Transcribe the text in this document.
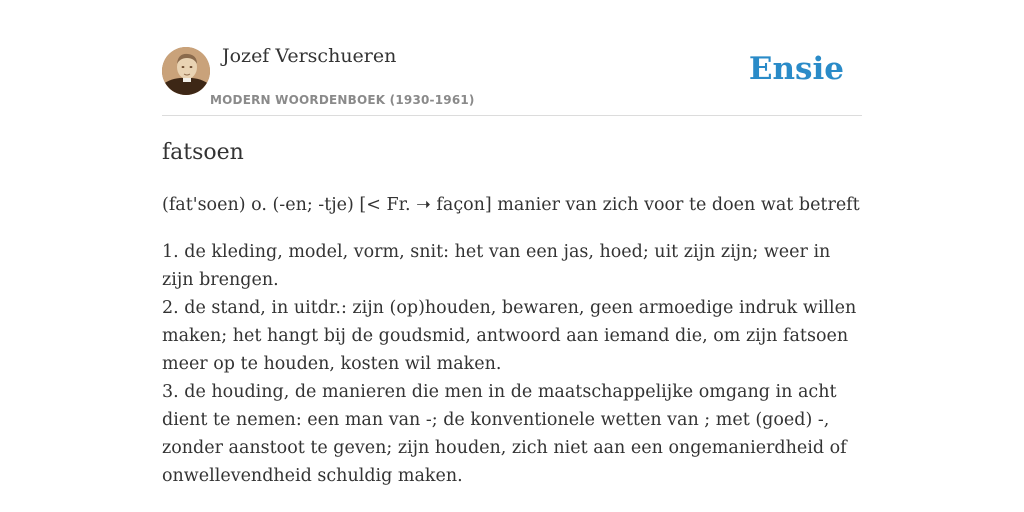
Jozef Verschueren
MODERN WOORDENBOEK (1930-1961)
Ensie
fatsoen

(fat'soen) o. (-en; -tje) [< Fr. ➝ façon] manier van zich voor te doen wat betreft

1. de kleding, model, vorm, snit: het van een jas, hoed; uit zijn zijn; weer in zijn brengen.

2. de stand, in uitdr.: zijn (op)houden, bewaren, geen armoedige indruk willen maken; het hangt bij de goudsmid, antwoord aan iemand die, om zijn fatsoen meer op te houden, kosten wil maken.

3. de houding, de manieren die men in de maatschappelijke omgang in acht dient te nemen: een man van -; de konventionele wetten van ; met (goed) -, zonder aanstoot te geven; zijn houden, zich niet aan een ongemanierdheid of onwellevendheid schuldig maken.
